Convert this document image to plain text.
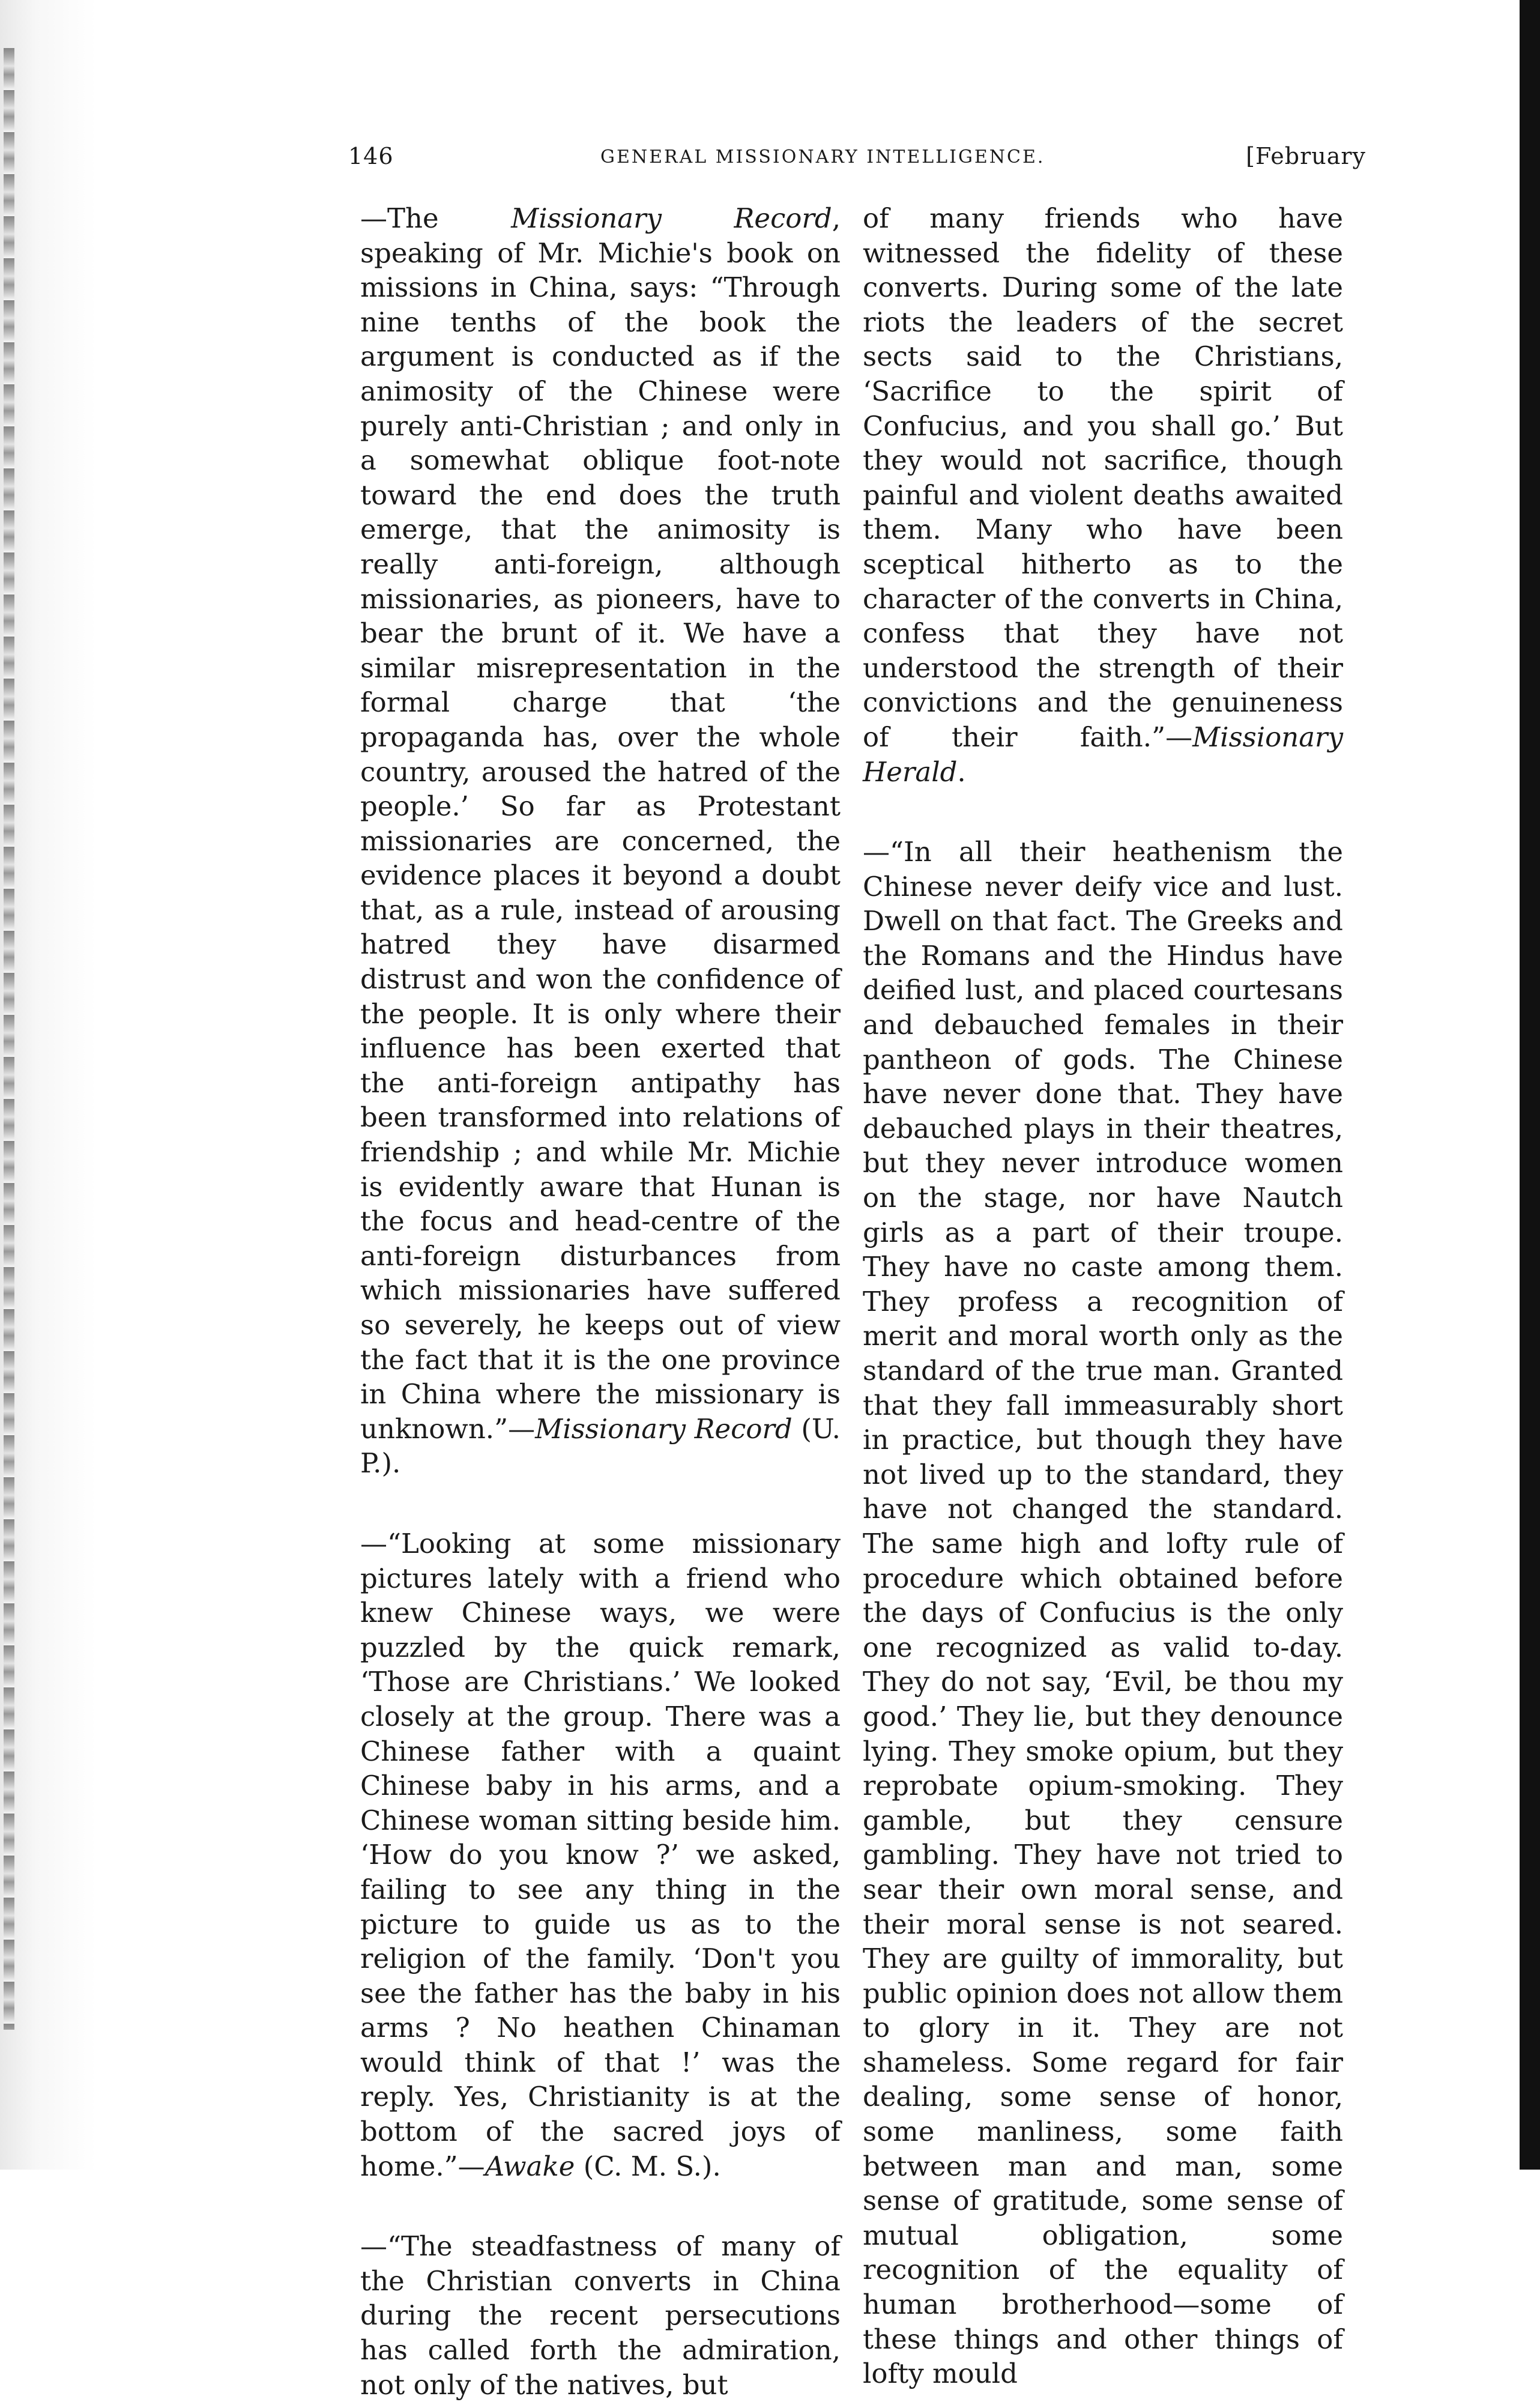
146	GENERAL MISSIONARY INTELLIGENCE.	[February

—The Missionary Record, speaking of Mr. Michie's book on missions in China, says: “Through nine tenths of the book the argument is conducted as if the animosity of the Chinese were purely anti-Christian ; and only in a somewhat oblique foot-note toward the end does the truth emerge, that the animosity is really anti-foreign, although missionaries, as pioneers, have to bear the brunt of it. We have a similar misrepresentation in the formal charge that ‘the propaganda has, over the whole country, aroused the hatred of the people.’ So far as Protestant missionaries are concerned, the evidence places it beyond a doubt that, as a rule, instead of arousing hatred they have disarmed distrust and won the confidence of the people. It is only where their influence has been exerted that the anti-foreign antipathy has been transformed into relations of friendship ; and while Mr. Michie is evidently aware that Hunan is the focus and head-centre of the anti-foreign disturbances from which missionaries have suffered so severely, he keeps out of view the fact that it is the one province in China where the missionary is unknown.”—Missionary Record (U. P.).

—“Looking at some missionary pictures lately with a friend who knew Chinese ways, we were puzzled by the quick remark, ‘Those are Christians.’ We looked closely at the group. There was a Chinese father with a quaint Chinese baby in his arms, and a Chinese woman sitting beside him. ‘How do you know ?’ we asked, failing to see any thing in the picture to guide us as to the religion of the family. ‘Don't you see the father has the baby in his arms ? No heathen Chinaman would think of that !’ was the reply. Yes, Christianity is at the bottom of the sacred joys of home.”—Awake (C. M. S.).

—“The steadfastness of many of the Christian converts in China during the recent persecutions has called forth the admiration, not only of the natives, but

of many friends who have witnessed the fidelity of these converts. During some of the late riots the leaders of the secret sects said to the Christians, ‘Sacrifice to the spirit of Confucius, and you shall go.’ But they would not sacrifice, though painful and violent deaths awaited them. Many who have been sceptical hitherto as to the character of the converts in China, confess that they have not understood the strength of their convictions and the genuineness of their faith.”—Missionary Herald.

—“In all their heathenism the Chinese never deify vice and lust. Dwell on that fact. The Greeks and the Romans and the Hindus have deified lust, and placed courtesans and debauched females in their pantheon of gods. The Chinese have never done that. They have debauched plays in their theatres, but they never introduce women on the stage, nor have Nautch girls as a part of their troupe. They have no caste among them. They profess a recognition of merit and moral worth only as the standard of the true man. Granted that they fall immeasurably short in practice, but though they have not lived up to the standard, they have not changed the standard. The same high and lofty rule of procedure which obtained before the days of Confucius is the only one recognized as valid to-day. They do not say, ‘Evil, be thou my good.’ They lie, but they denounce lying. They smoke opium, but they reprobate opium-smoking. They gamble, but they censure gambling. They have not tried to sear their own moral sense, and their moral sense is not seared. They are guilty of immorality, but public opinion does not allow them to glory in it. They are not shameless. Some regard for fair dealing, some sense of honor, some manliness, some faith between man and man, some sense of gratitude, some sense of mutual obligation, some recognition of the equality of human brotherhood—some of these things and other things of lofty mould
